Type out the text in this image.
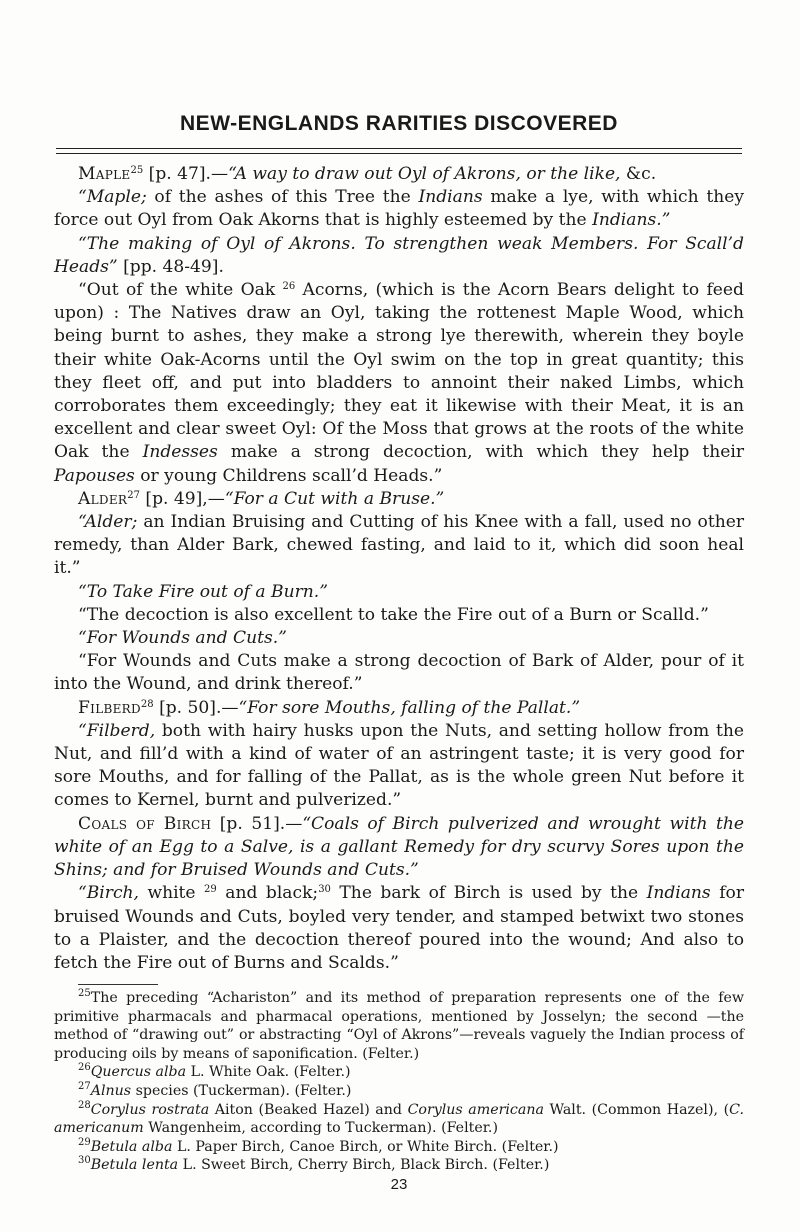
NEW-ENGLANDS RARITIES DISCOVERED

Maple$^{25}$ [p. 47].—“A way to draw out Oyl of Akrons, or the like, &c.

“Maple; of the ashes of this Tree the Indians make a lye, with which they force out Oyl from Oak Akorns that is highly esteemed by the Indians.”

“The making of Oyl of Akrons. To strengthen weak Members. For Scall’d Heads” [pp. 48-49].

“Out of the white Oak $^{26}$ Acorns, (which is the Acorn Bears delight to feed upon) : The Natives draw an Oyl, taking the rottenest Maple Wood, which being burnt to ashes, they make a strong lye therewith, wherein they boyle their white Oak-Acorns until the Oyl swim on the top in great quantity; this they fleet off, and put into bladders to annoint their naked Limbs, which corroborates them exceedingly; they eat it likewise with their Meat, it is an excellent and clear sweet Oyl: Of the Moss that grows at the roots of the white Oak the Indesses make a strong decoction, with which they help their Papouses or young Childrens scall’d Heads.”

Alder$^{27}$ [p. 49],—“For a Cut with a Bruse.”

“Alder; an Indian Bruising and Cutting of his Knee with a fall, used no other remedy, than Alder Bark, chewed fasting, and laid to it, which did soon heal it.”

“To Take Fire out of a Burn.”

“The decoction is also excellent to take the Fire out of a Burn or Scalld.”

“For Wounds and Cuts.”

“For Wounds and Cuts make a strong decoction of Bark of Alder, pour of it into the Wound, and drink thereof.”

Filberd$^{28}$ [p. 50].—“For sore Mouths, falling of the Pallat.”

“Filberd, both with hairy husks upon the Nuts, and setting hollow from the Nut, and fill’d with a kind of water of an astringent taste; it is very good for sore Mouths, and for falling of the Pallat, as is the whole green Nut before it comes to Kernel, burnt and pulverized.”

Coals of Birch [p. 51].—“Coals of Birch pulverized and wrought with the white of an Egg to a Salve, is a gallant Remedy for dry scurvy Sores upon the Shins; and for Bruised Wounds and Cuts.”

“Birch, white $^{29}$ and black;$^{30}$ The bark of Birch is used by the Indians for bruised Wounds and Cuts, boyled very tender, and stamped betwixt two stones to a Plaister, and the decoction thereof poured into the wound; And also to fetch the Fire out of Burns and Scalds.”

$^{25}$The preceding “Achariston” and its method of preparation represents one of the few primitive pharmacals and pharmacal operations, mentioned by Josselyn; the second —the method of “drawing out” or abstracting “Oyl of Akrons”—reveals vaguely the Indian process of producing oils by means of saponification. (Felter.)

$^{26}$Quercus alba L. White Oak. (Felter.)

$^{27}$Alnus species (Tuckerman). (Felter.)

$^{28}$Corylus rostrata Aiton (Beaked Hazel) and Corylus americana Walt. (Common Hazel), (C. americanum Wangenheim, according to Tuckerman). (Felter.)

$^{29}$Betula alba L. Paper Birch, Canoe Birch, or White Birch. (Felter.)

$^{30}$Betula lenta L. Sweet Birch, Cherry Birch, Black Birch. (Felter.)

23
